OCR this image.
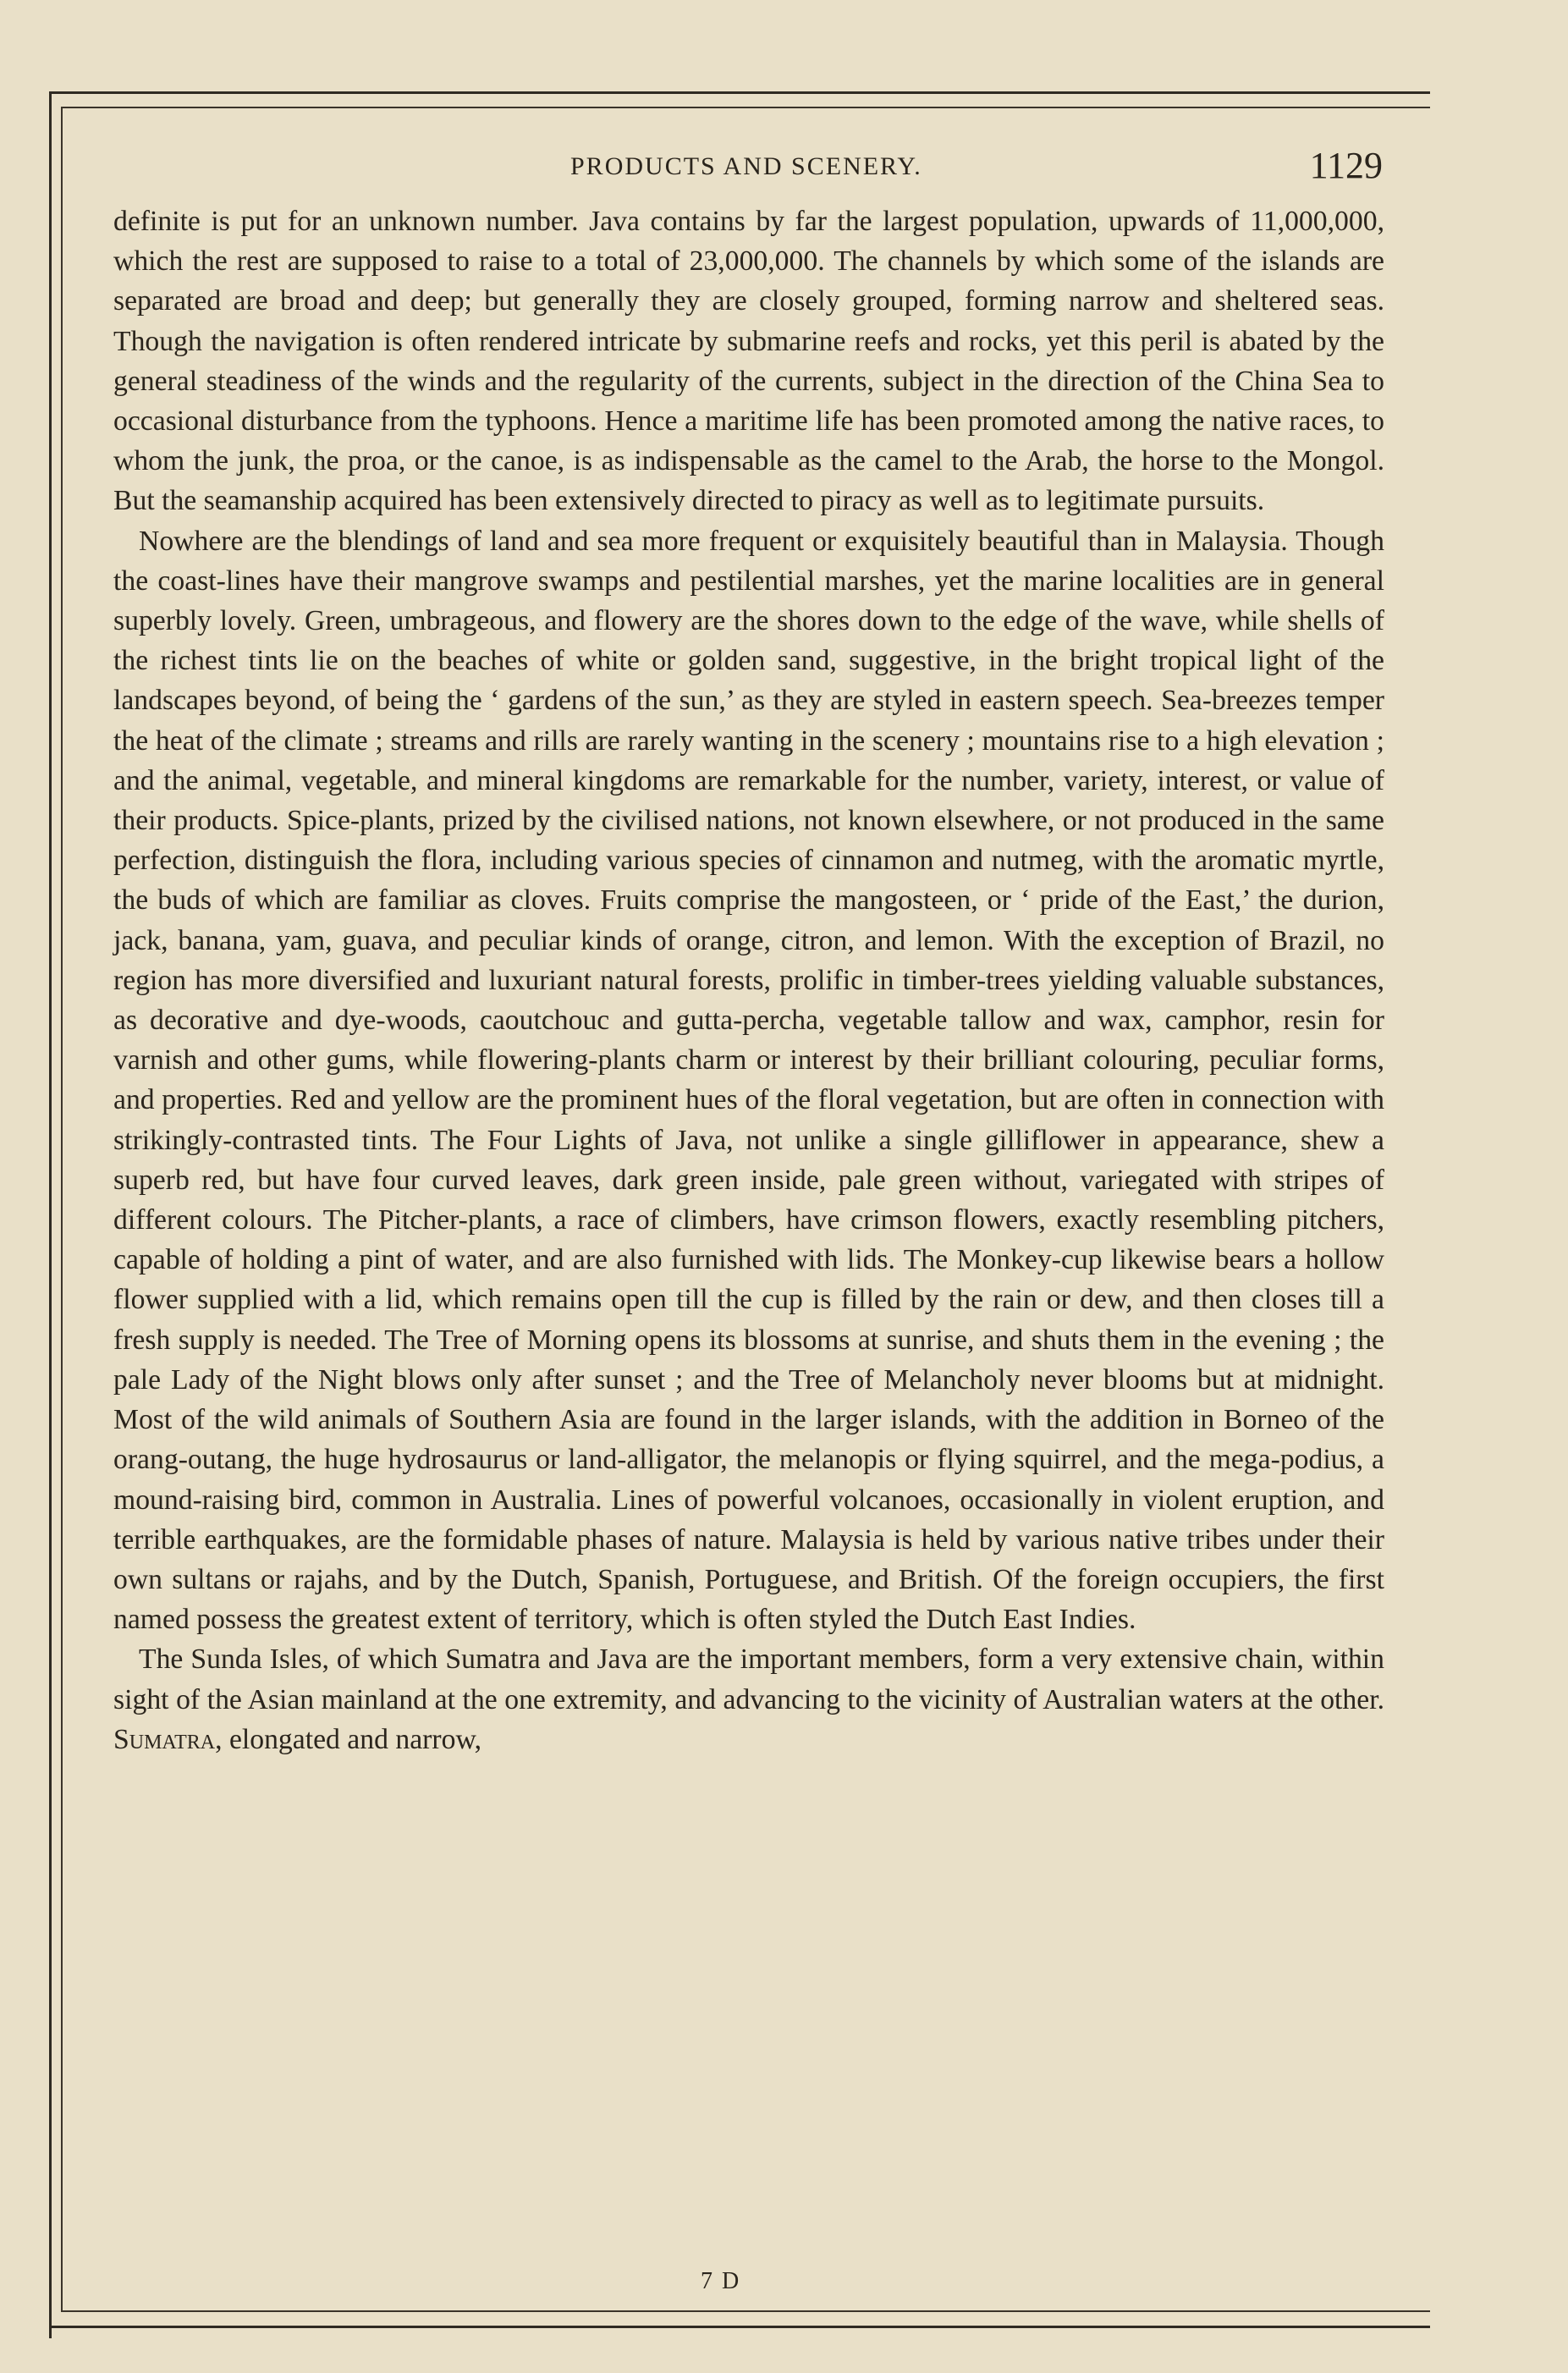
PRODUCTS AND SCENERY.	1129

definite is put for an unknown number. Java contains by far the largest population, upwards of 11,000,000, which the rest are supposed to raise to a total of 23,000,000. The channels by which some of the islands are separated are broad and deep; but generally they are closely grouped, forming narrow and sheltered seas. Though the navigation is often rendered intricate by submarine reefs and rocks, yet this peril is abated by the general steadiness of the winds and the regularity of the currents, subject in the direction of the China Sea to occasional disturbance from the typhoons. Hence a maritime life has been promoted among the native races, to whom the junk, the proa, or the canoe, is as indispensable as the camel to the Arab, the horse to the Mongol. But the seamanship acquired has been extensively directed to piracy as well as to legitimate pursuits.

Nowhere are the blendings of land and sea more frequent or exquisitely beautiful than in Malaysia. Though the coast-lines have their mangrove swamps and pestilential marshes, yet the marine localities are in general superbly lovely. Green, umbrageous, and flowery are the shores down to the edge of the wave, while shells of the richest tints lie on the beaches of white or golden sand, suggestive, in the bright tropical light of the landscapes beyond, of being the ‘ gardens of the sun,’ as they are styled in eastern speech. Sea-breezes temper the heat of the climate ; streams and rills are rarely wanting in the scenery ; mountains rise to a high elevation ; and the animal, vegetable, and mineral kingdoms are remarkable for the number, variety, interest, or value of their products. Spice-plants, prized by the civilised nations, not known elsewhere, or not produced in the same perfection, distinguish the flora, including various species of cinnamon and nutmeg, with the aromatic myrtle, the buds of which are familiar as cloves. Fruits comprise the mangosteen, or ‘ pride of the East,’ the durion, jack, banana, yam, guava, and peculiar kinds of orange, citron, and lemon. With the exception of Brazil, no region has more diversified and luxuriant natural forests, prolific in timber-trees yielding valuable substances, as decorative and dye-woods, caoutchouc and gutta-percha, vegetable tallow and wax, camphor, resin for varnish and other gums, while flowering-plants charm or interest by their brilliant colouring, peculiar forms, and properties. Red and yellow are the prominent hues of the floral vegetation, but are often in connection with strikingly-contrasted tints. The Four Lights of Java, not unlike a single gilliflower in appearance, shew a superb red, but have four curved leaves, dark green inside, pale green without, variegated with stripes of different colours. The Pitcher-plants, a race of climbers, have crimson flowers, exactly resembling pitchers, capable of holding a pint of water, and are also furnished with lids. The Monkey-cup likewise bears a hollow flower supplied with a lid, which remains open till the cup is filled by the rain or dew, and then closes till a fresh supply is needed. The Tree of Morning opens its blossoms at sunrise, and shuts them in the evening ; the pale Lady of the Night blows only after sunset ; and the Tree of Melancholy never blooms but at midnight. Most of the wild animals of Southern Asia are found in the larger islands, with the addition in Borneo of the orang-outang, the huge hydrosaurus or land-alligator, the melanopis or flying squirrel, and the mega-podius, a mound-raising bird, common in Australia. Lines of powerful volcanoes, occasionally in violent eruption, and terrible earthquakes, are the formidable phases of nature. Malaysia is held by various native tribes under their own sultans or rajahs, and by the Dutch, Spanish, Portuguese, and British. Of the foreign occupiers, the first named possess the greatest extent of territory, which is often styled the Dutch East Indies.

The Sunda Isles, of which Sumatra and Java are the important members, form a very extensive chain, within sight of the Asian mainland at the one extremity, and advancing to the vicinity of Australian waters at the other. Sumatra, elongated and narrow,

7 D
